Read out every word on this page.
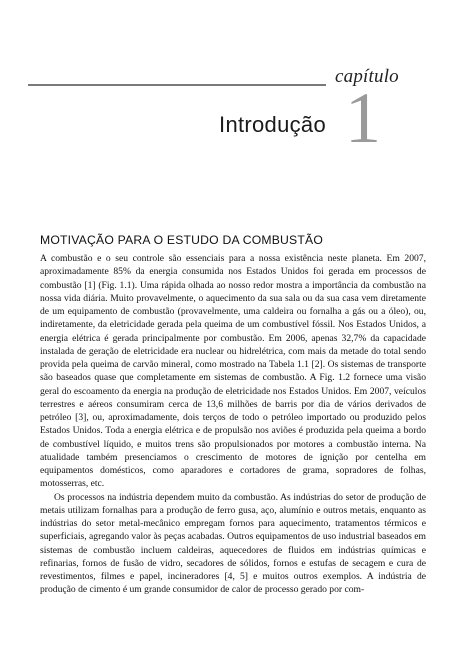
capítulo
1
Introdução
MOTIVAÇÃO PARA O ESTUDO DA COMBUSTÃO

A combustão e o seu controle são essenciais para a nossa existência neste planeta. Em 2007, aproximadamente 85% da energia consumida nos Estados Unidos foi gerada em processos de combustão [1] (Fig. 1.1). Uma rápida olhada ao nosso redor mostra a importância da combustão na nossa vida diária. Muito provavelmente, o aquecimento da sua sala ou da sua casa vem diretamente de um equipamento de combustão (provavelmente, uma caldeira ou fornalha a gás ou a óleo), ou, indiretamente, da eletricidade gerada pela queima de um combustível fóssil. Nos Estados Unidos, a energia elétrica é gerada principalmente por combustão. Em 2006, apenas 32,7% da capacidade instalada de geração de eletricidade era nuclear ou hidrelétrica, com mais da metade do total sendo provida pela queima de carvão mineral, como mostrado na Tabela 1.1 [2]. Os sistemas de transporte são baseados quase que completamente em sistemas de combustão. A Fig. 1.2 fornece uma visão geral do escoamento da energia na produção de eletricidade nos Estados Unidos. Em 2007, veículos terrestres e aéreos consumiram cerca de 13,6 milhões de barris por dia de vários derivados de petróleo [3], ou, aproximadamente, dois terços de todo o petróleo importado ou produzido pelos Estados Unidos. Toda a energia elétrica e de propulsão nos aviões é produzida pela queima a bordo de combustível líquido, e muitos trens são propulsionados por motores a combustão interna. Na atualidade também presenciamos o crescimento de motores de ignição por centelha em equipamentos domésticos, como aparadores e cortadores de grama, sopradores de folhas, motosserras, etc.

Os processos na indústria dependem muito da combustão. As indústrias do setor de produção de metais utilizam fornalhas para a produção de ferro gusa, aço, alumínio e outros metais, enquanto as indústrias do setor metal-mecânico empregam fornos para aquecimento, tratamentos térmicos e superficiais, agregando valor às peças acabadas. Outros equipamentos de uso industrial baseados em sistemas de combustão incluem caldeiras, aquecedores de fluidos em indústrias químicas e refinarias, fornos de fusão de vidro, secadores de sólidos, fornos e estufas de secagem e cura de revestimentos, filmes e papel, incineradores [4, 5] e muitos outros exemplos. A indústria de produção de cimento é um grande consumidor de calor de processo gerado por com-
